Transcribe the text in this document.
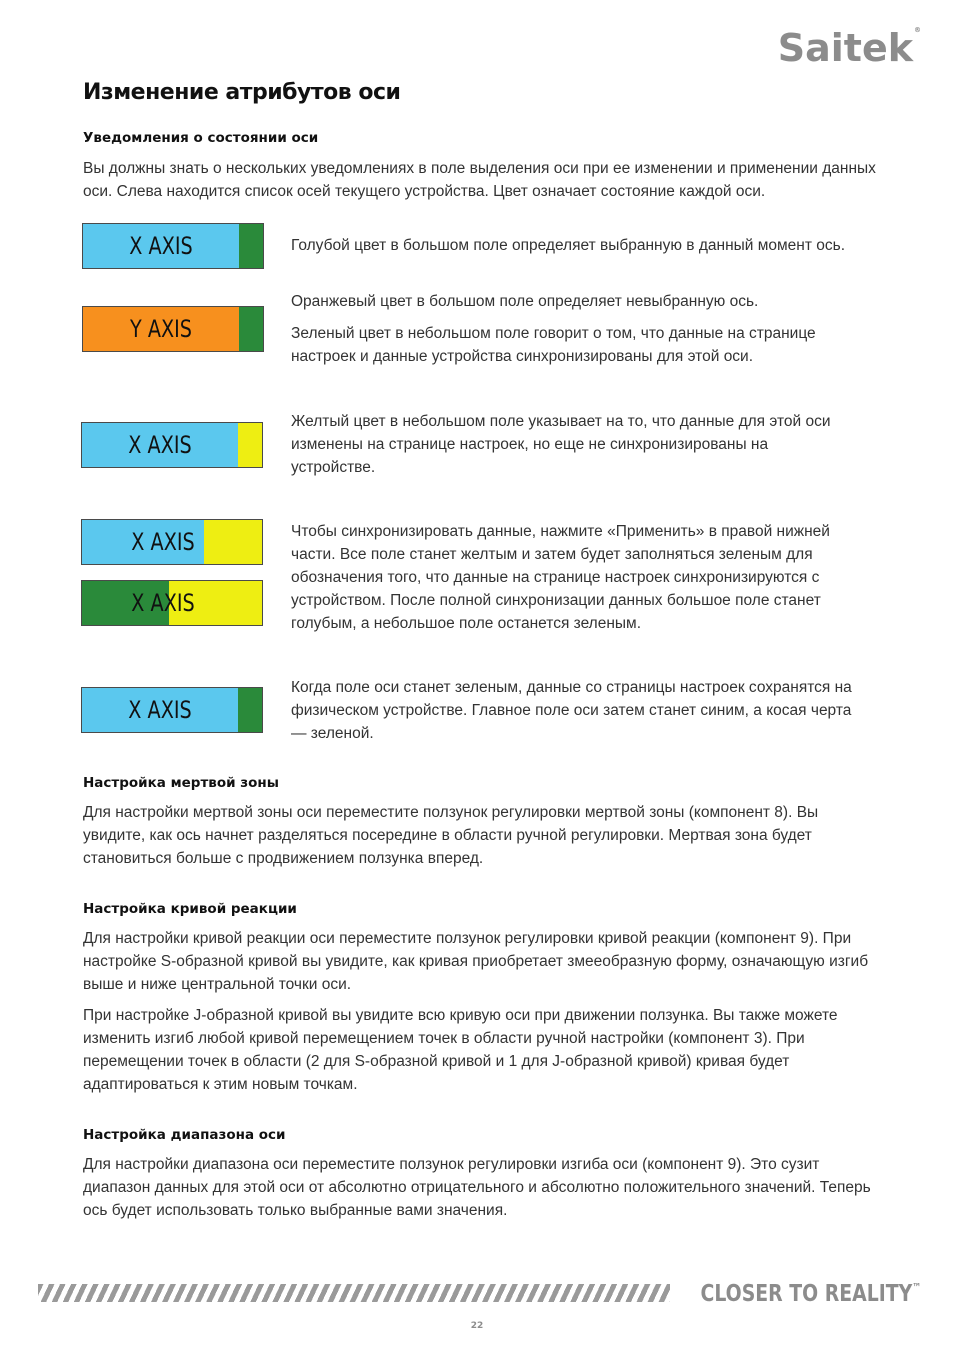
Saitek®
Изменение атрибутов оси

Уведомления о состоянии оси

Вы должны знать о нескольких уведомлениях в поле выделения оси при ее изменении и применении данных оси. Слева находится список осей текущего устройства. Цвет означает состояние каждой оси.

X AXIS	Голубой цвет в большом поле определяет выбранную в данный момент ось.

Y AXIS

Оранжевый цвет в большом поле определяет невыбранную ось.

Зеленый цвет в небольшом поле говорит о том, что данные на странице настроек и данные устройства синхронизированы для этой оси.

X AXIS

Желтый цвет в небольшом поле указывает на то, что данные для этой оси изменены на странице настроек, но еще не синхронизированы на устройстве.

X AXIS
X AXIS

Чтобы синхронизировать данные, нажмите «Применить» в правой нижней части. Все поле станет желтым и затем будет заполняться зеленым для обозначения того, что данные на странице настроек синхронизируются с устройством. После полной синхронизации данных большое поле станет голубым, а небольшое поле останется зеленым.

X AXIS

Когда поле оси станет зеленым, данные со страницы настроек сохранятся на физическом устройстве. Главное поле оси затем станет синим, а косая черта — зеленой.

Настройка мертвой зоны

Для настройки мертвой зоны оси переместите ползунок регулировки мертвой зоны (компонент 8). Вы увидите, как ось начнет разделяться посередине в области ручной регулировки. Мертвая зона будет становиться больше с продвижением ползунка вперед.

Настройка кривой реакции

Для настройки кривой реакции оси переместите ползунок регулировки кривой реакции (компонент 9). При настройке S-образной кривой вы увидите, как кривая приобретает змееобразную форму, означающую изгиб выше и ниже центральной точки оси.

При настройке J-образной кривой вы увидите всю кривую оси при движении ползунка. Вы также можете изменить изгиб любой кривой перемещением точек в области ручной настройки (компонент 3). При перемещении точек в области (2 для S-образной кривой и 1 для J-образной кривой) кривая будет адаптироваться к этим новым точкам.

Настройка диапазона оси

Для настройки диапазона оси переместите ползунок регулировки изгиба оси (компонент 9). Это сузит диапазон данных для этой оси от абсолютно отрицательного и абсолютно положительного значений. Теперь ось будет использовать только выбранные вами значения.

CLOSER TO REALITY™
22
